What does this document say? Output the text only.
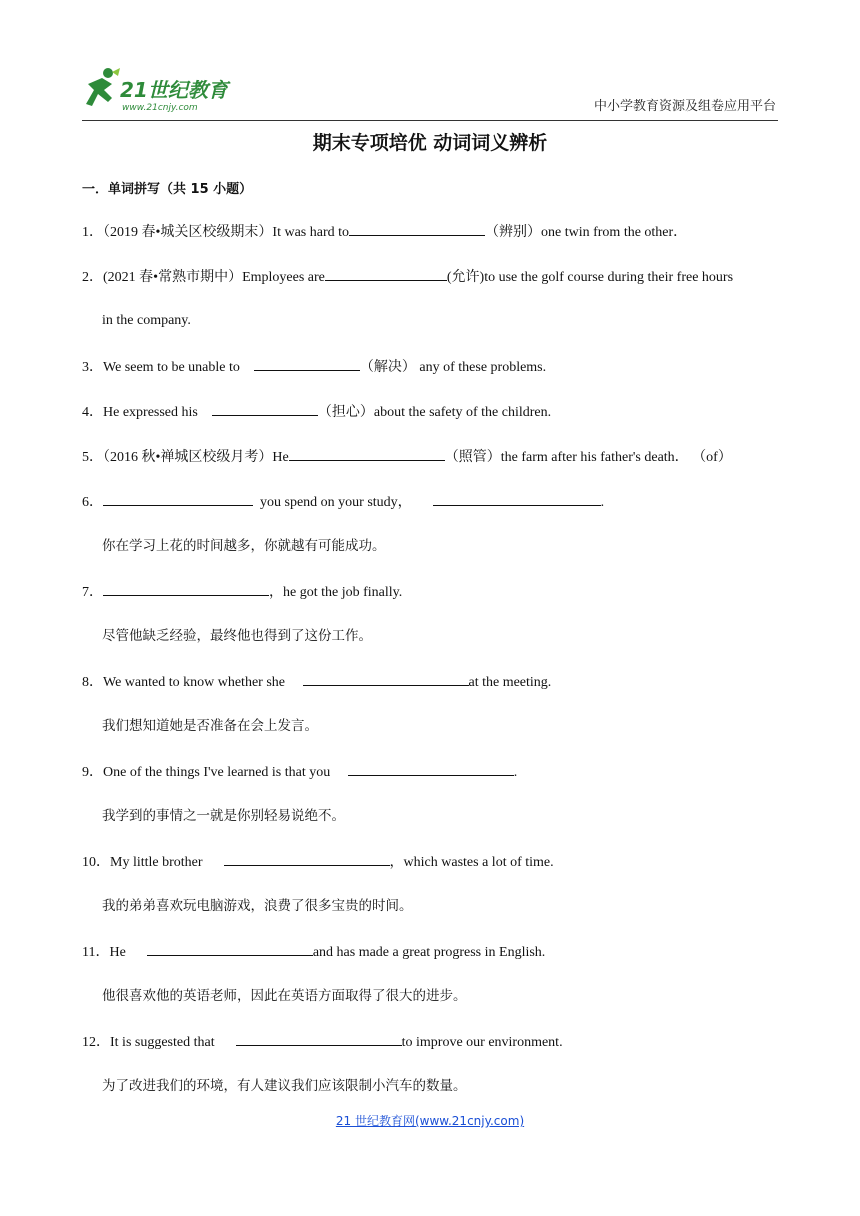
21世纪教育
www.21cnjy.com	中小学教育资源及组卷应用平台
期末专项培优 动词词义辨析
一．单词拼写（共 15 小题）
1．（2019 春•城关区校级期末）It was hard to	（辨别）one twin from the other．
2．(2021 春•常熟市期中）Employees are	(允许)to use the golf course during their free hours
in the company.
3．We seem to be unable to	（解决） any of these problems.
4．He expressed his	（担心）about the safety of the children.
5．（2016 秋•禅城区校级月考）He	（照管）the farm after his father's death． （of）
6．	you spend on your study，	.
你在学习上花的时间越多，你就越有可能成功。
7．	，he got the job finally.
尽管他缺乏经验，最终他也得到了这份工作。
8．We wanted to know whether she	at the meeting.
我们想知道她是否准备在会上发言。
9．One of the things I've learned is that you	.
我学到的事情之一就是你别轻易说绝不。
10．My little brother	，which wastes a lot of time.
我的弟弟喜欢玩电脑游戏，浪费了很多宝贵的时间。
11．He	and has made a great progress in English.
他很喜欢他的英语老师，因此在英语方面取得了很大的进步。
12．It is suggested that	to improve our environment.
为了改进我们的环境，有人建议我们应该限制小汽车的数量。
21 世纪教育网(www.21cnjy.com)
